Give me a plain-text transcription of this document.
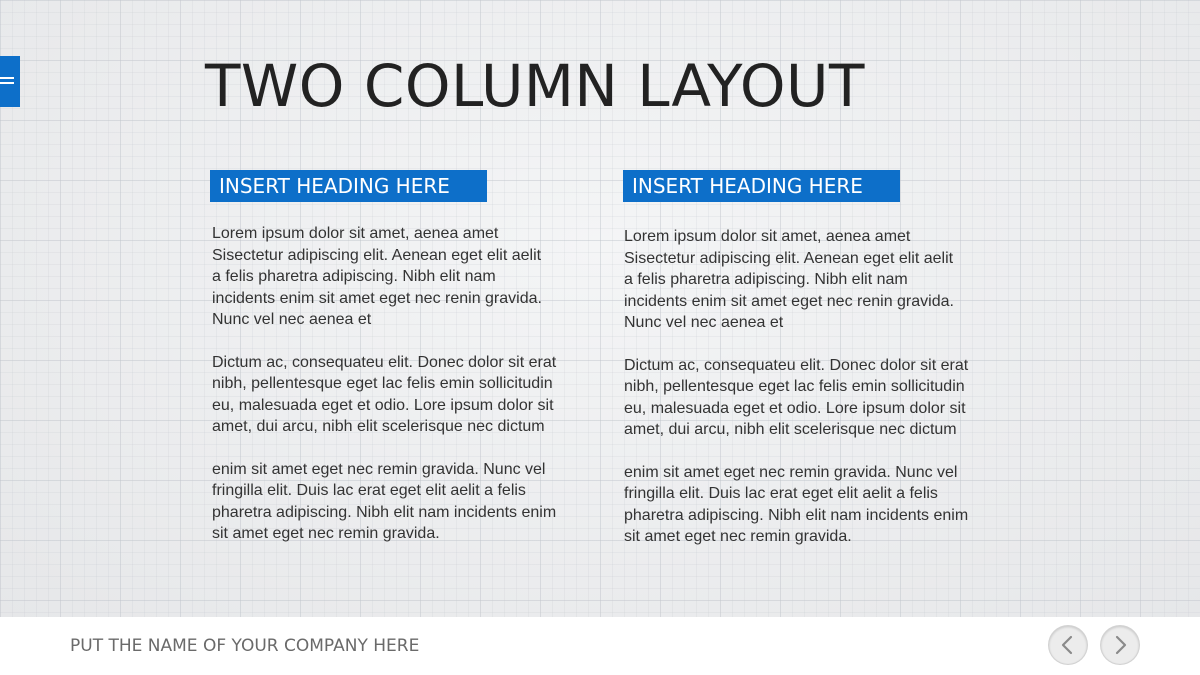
TWO COLUMN LAYOUT
INSERT HEADING HERE

Lorem ipsum dolor sit amet, aenea amet
Sisectetur adipiscing elit. Aenean eget elit aelit
a felis pharetra adipiscing. Nibh elit nam
incidents enim sit amet eget nec renin gravida.
Nunc vel nec aenea et

Dictum ac, consequateu elit. Donec dolor sit erat
nibh, pellentesque eget lac felis emin sollicitudin
eu, malesuada eget et odio. Lore ipsum dolor sit
amet, dui arcu, nibh elit scelerisque nec dictum

enim sit amet eget nec remin gravida. Nunc vel
fringilla elit. Duis lac erat eget elit aelit a felis
pharetra adipiscing. Nibh elit nam incidents enim
sit amet eget nec remin gravida.

INSERT HEADING HERE

Lorem ipsum dolor sit amet, aenea amet
Sisectetur adipiscing elit. Aenean eget elit aelit
a felis pharetra adipiscing. Nibh elit nam
incidents enim sit amet eget nec renin gravida.
Nunc vel nec aenea et

Dictum ac, consequateu elit. Donec dolor sit erat
nibh, pellentesque eget lac felis emin sollicitudin
eu, malesuada eget et odio. Lore ipsum dolor sit
amet, dui arcu, nibh elit scelerisque nec dictum

enim sit amet eget nec remin gravida. Nunc vel
fringilla elit. Duis lac erat eget elit aelit a felis
pharetra adipiscing. Nibh elit nam incidents enim
sit amet eget nec remin gravida.

PUT THE NAME OF YOUR COMPANY HERE
